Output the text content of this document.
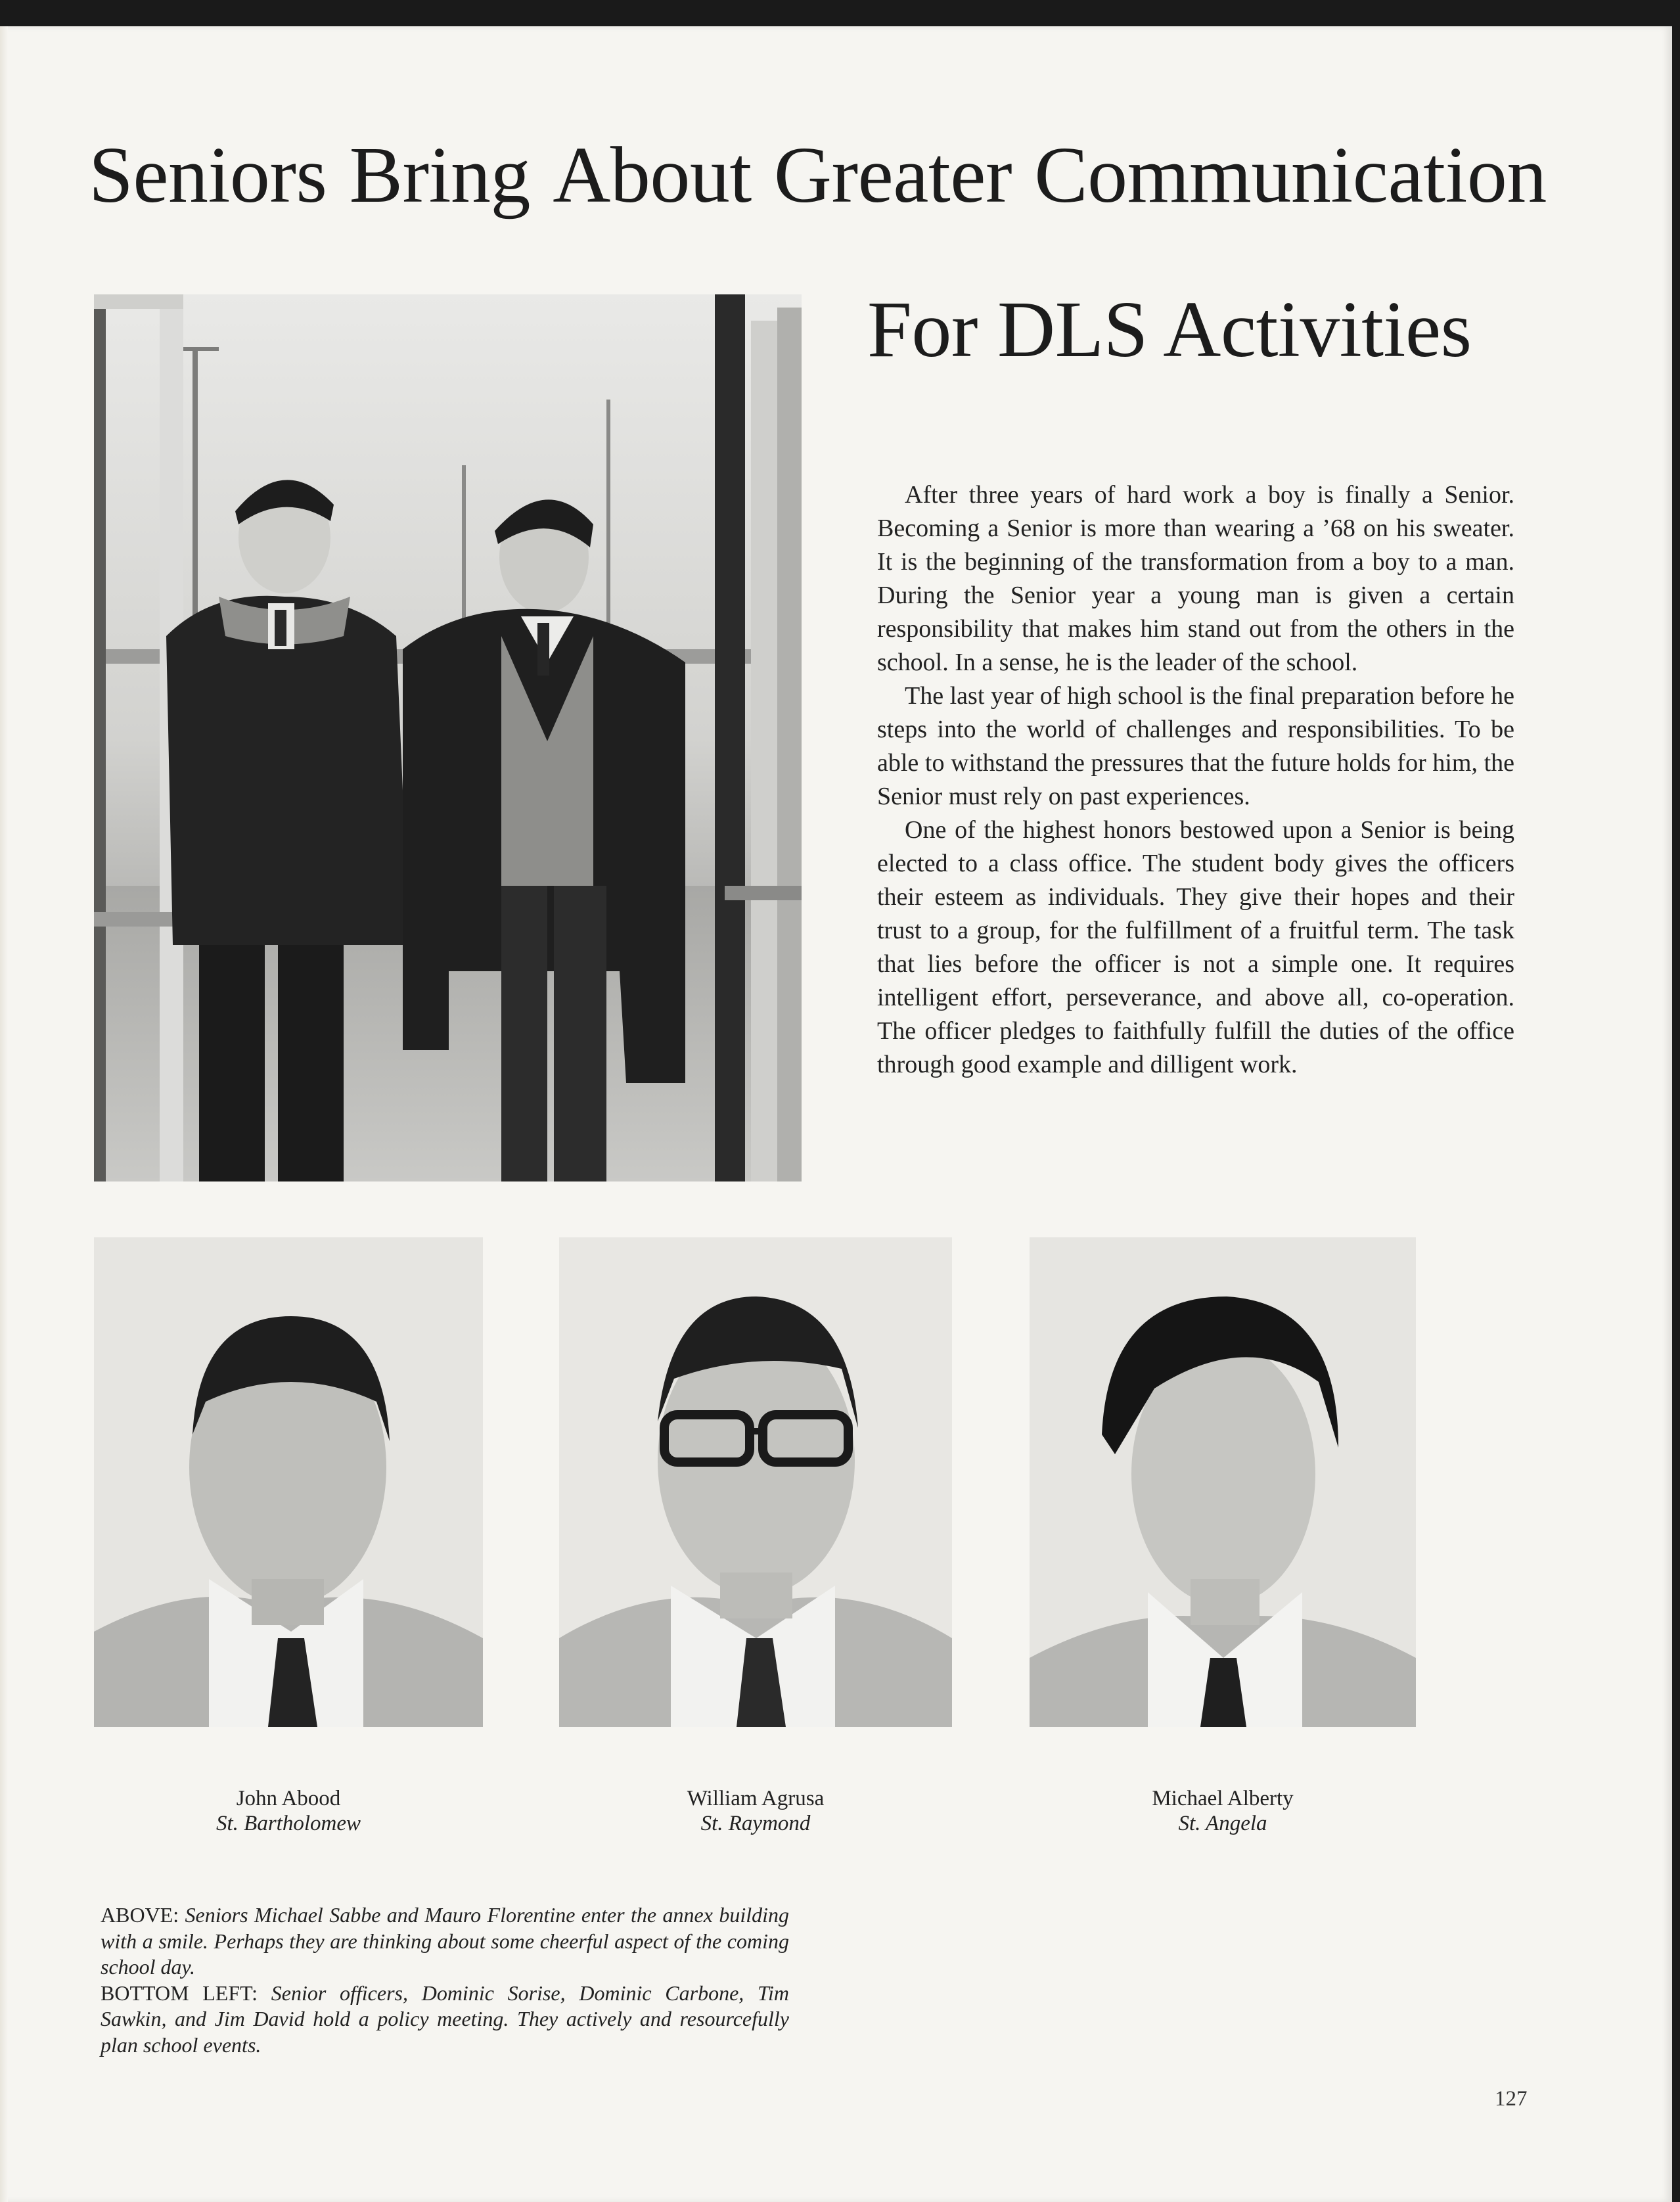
Seniors Bring About Greater Communication
For DLS Activities

After three years of hard work a boy is finally a Senior. Becoming a Senior is more than wearing a ’68 on his sweater. It is the beginning of the transformation from a boy to a man. During the Senior year a young man is given a certain responsibility that makes him stand out from the others in the school. In a sense, he is the leader of the school.

The last year of high school is the final preparation before he steps into the world of challenges and responsibilities. To be able to withstand the pressures that the future holds for him, the Senior must rely on past experiences.

One of the highest honors bestowed upon a Senior is being elected to a class office. The student body gives the officers their esteem as individuals. They give their hopes and their trust to a group, for the fulfillment of a fruitful term. The task that lies before the officer is not a simple one. It requires intelligent effort, perseverance, and above all, co-operation. The officer pledges to faithfully fulfill the duties of the office through good example and dilligent work.

John Abood
St. Bartholomew
William Agrusa
St. Raymond
Michael Alberty
St. Angela
ABOVE: Seniors Michael Sabbe and Mauro Florentine enter the annex building with a smile. Perhaps they are thinking about some cheerful aspect of the coming school day.
BOTTOM LEFT: Senior officers, Dominic Sorise, Dominic Carbone, Tim Sawkin, and Jim David hold a policy meeting. They actively and resourcefully plan school events.
127
